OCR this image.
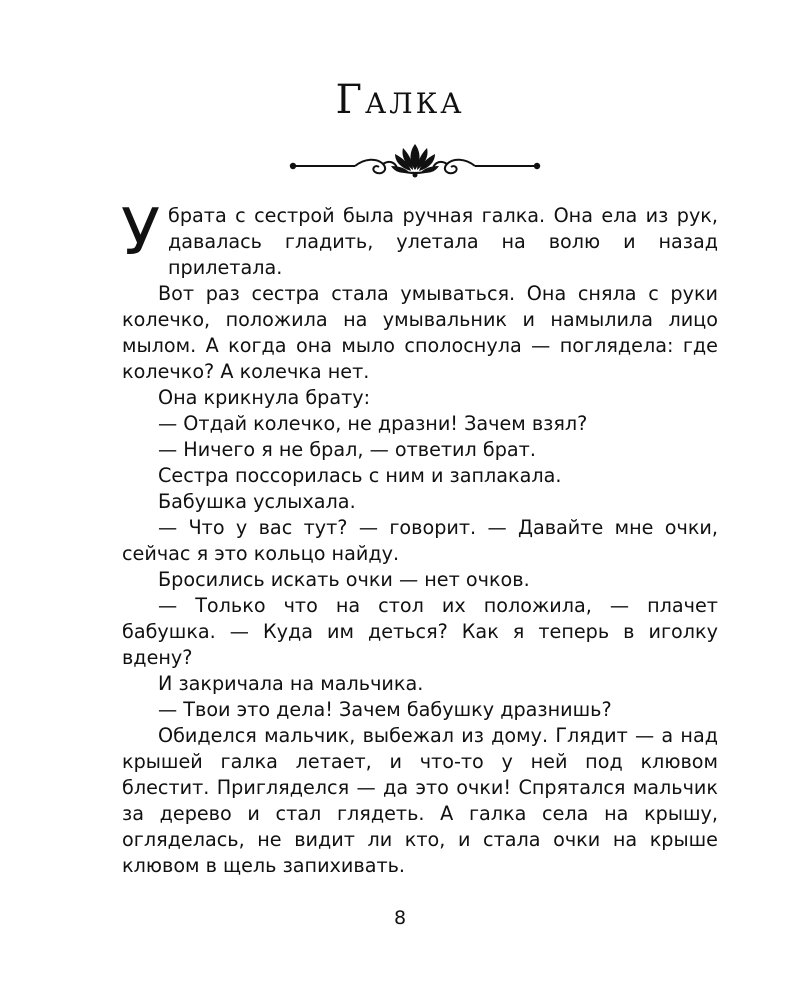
Галка

У брата с сестрой была ручная галка. Она ела из рук, давалась гладить, улетала на волю и назад прилетала.

Вот раз сестра стала умываться. Она сняла с руки колечко, положила на умывальник и намылила лицо мылом. А когда она мыло сполоснула — поглядела: где колечко? А колечка нет.

Она крикнула брату:

— Отдай колечко, не дразни! Зачем взял?

— Ничего я не брал, — ответил брат.

Сестра поссорилась с ним и заплакала.

Бабушка услыхала.

— Что у вас тут? — говорит. — Давайте мне очки, сейчас я это кольцо найду.

Бросились искать очки — нет очков.

— Только что на стол их положила, — плачет бабушка. — Куда им деться? Как я теперь в иголку вдену?

И закричала на мальчика.

— Твои это дела! Зачем бабушку дразнишь?

Обиделся мальчик, выбежал из дому. Глядит — а над крышей галка летает, и что-то у ней под клювом блестит. Пригляделся — да это очки! Спрятался мальчик за дерево и стал глядеть. А галка села на крышу, огляделась, не видит ли кто, и стала очки на крыше клювом в щель запихивать.

8
